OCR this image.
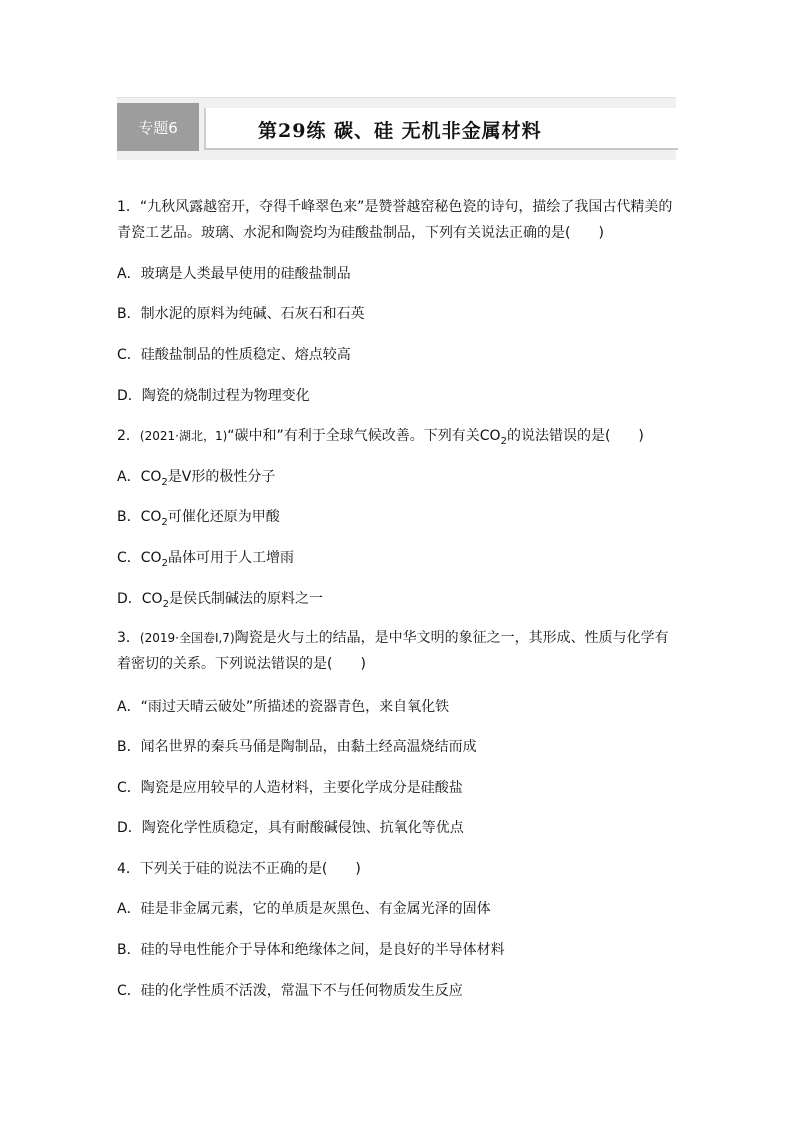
专题6	第29练 碳、硅 无机非金属材料
1．“九秋风露越窑开，夺得千峰翠色来”是赞誉越窑秘色瓷的诗句，描绘了我国古代精美的青瓷工艺品。玻璃、水泥和陶瓷均为硅酸盐制品，下列有关说法正确的是(　　)
A．玻璃是人类最早使用的硅酸盐制品
B．制水泥的原料为纯碱、石灰石和石英
C．硅酸盐制品的性质稳定、熔点较高
D．陶瓷的烧制过程为物理变化
2．(2021·湖北，1)“碳中和”有利于全球气候改善。下列有关$CO_2$的说法错误的是(　　)
A．$CO_2$是V形的极性分子
B．$CO_2$可催化还原为甲酸
C．$CO_2$晶体可用于人工增雨
D．$CO_2$是侯氏制碱法的原料之一
3．(2019·全国卷Ⅰ,7)陶瓷是火与土的结晶，是中华文明的象征之一，其形成、性质与化学有着密切的关系。下列说法错误的是(　　)
A．“雨过天晴云破处”所描述的瓷器青色，来自氧化铁
B．闻名世界的秦兵马俑是陶制品，由黏土经高温烧结而成
C．陶瓷是应用较早的人造材料，主要化学成分是硅酸盐
D．陶瓷化学性质稳定，具有耐酸碱侵蚀、抗氧化等优点
4．下列关于硅的说法不正确的是(　　)
A．硅是非金属元素，它的单质是灰黑色、有金属光泽的固体
B．硅的导电性能介于导体和绝缘体之间，是良好的半导体材料
C．硅的化学性质不活泼，常温下不与任何物质发生反应
